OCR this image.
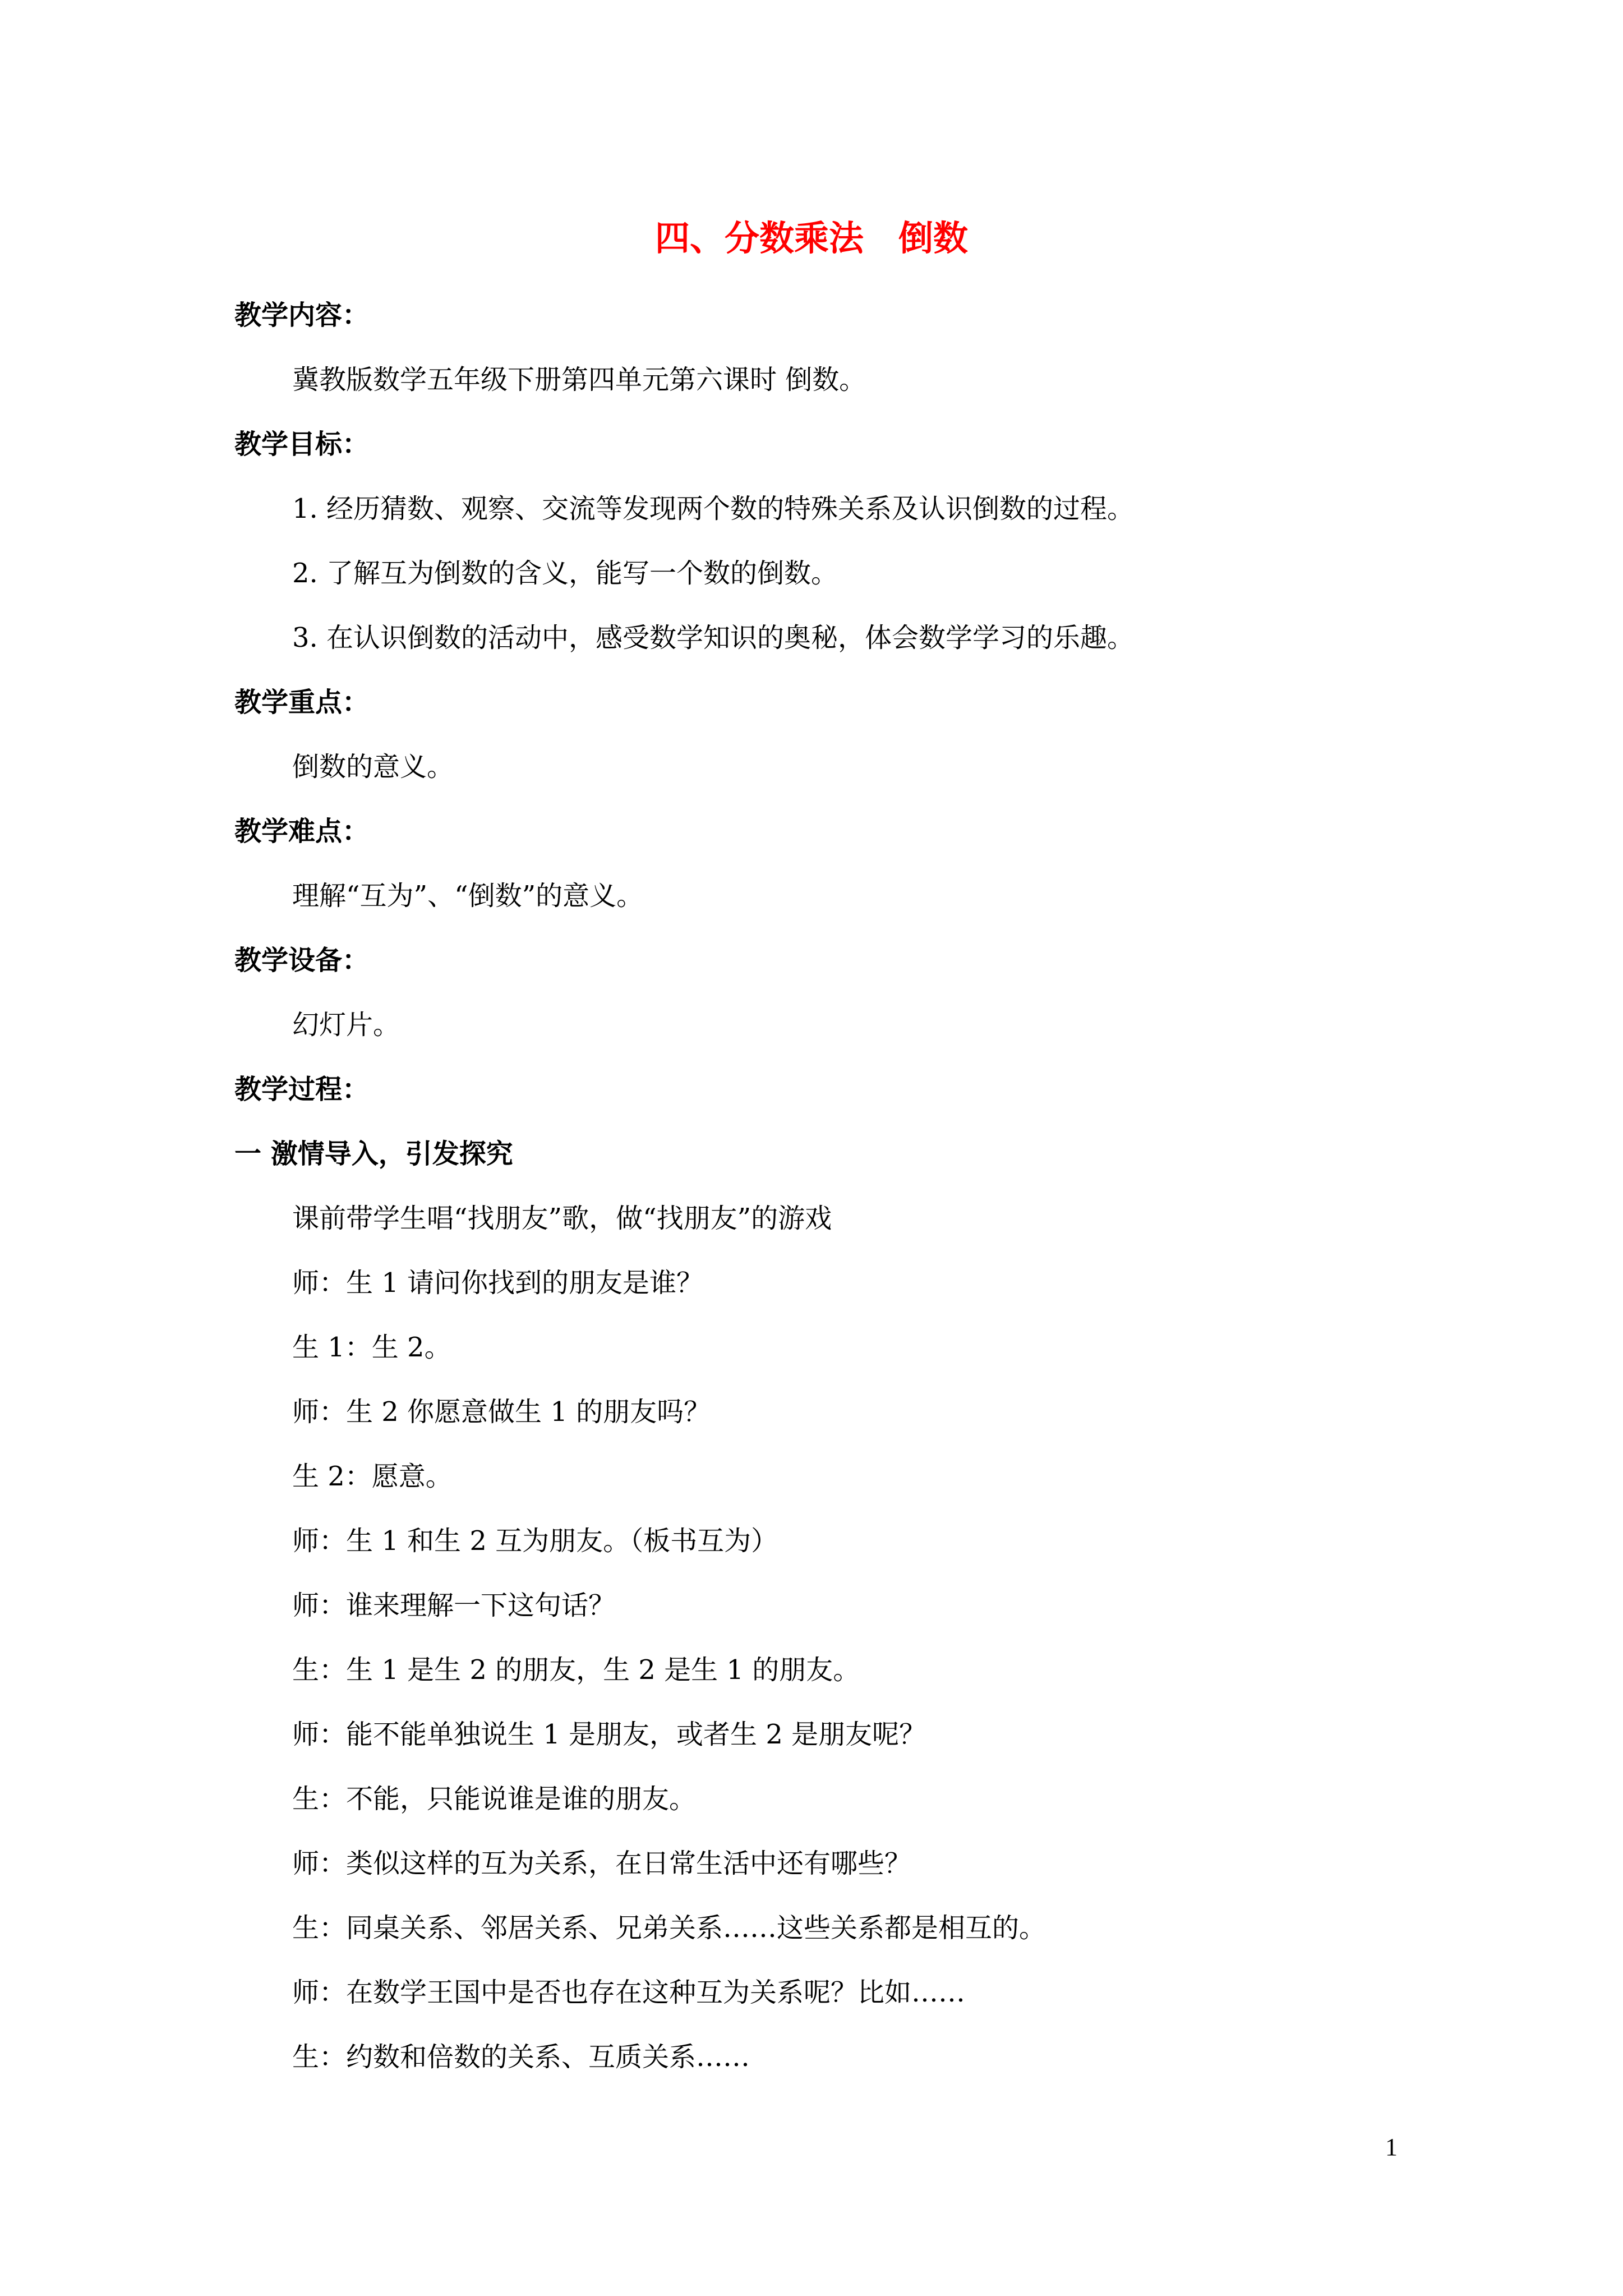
四、分数乘法　倒数
教学内容：
冀教版数学五年级下册第四单元第六课时 倒数。
教学目标：
1. 经历猜数、观察、交流等发现两个数的特殊关系及认识倒数的过程。
2. 了解互为倒数的含义，能写一个数的倒数。
3. 在认识倒数的活动中，感受数学知识的奥秘，体会数学学习的乐趣。
教学重点：
倒数的意义。
教学难点：
理解“互为”、“倒数”的意义。
教学设备：
幻灯片。
教学过程：
一 激情导入，引发探究
课前带学生唱“找朋友”歌，做“找朋友”的游戏
师：生 1 请问你找到的朋友是谁？
生 1：生 2。
师：生 2 你愿意做生 1 的朋友吗？
生 2：愿意。
师：生 1 和生 2 互为朋友。（板书互为）
师：谁来理解一下这句话？
生：生 1 是生 2 的朋友，生 2 是生 1 的朋友。
师：能不能单独说生 1 是朋友，或者生 2 是朋友呢？
生：不能，只能说谁是谁的朋友。
师：类似这样的互为关系，在日常生活中还有哪些？
生：同桌关系、邻居关系、兄弟关系……这些关系都是相互的。
师：在数学王国中是否也存在这种互为关系呢？比如……
生：约数和倍数的关系、互质关系……
1
